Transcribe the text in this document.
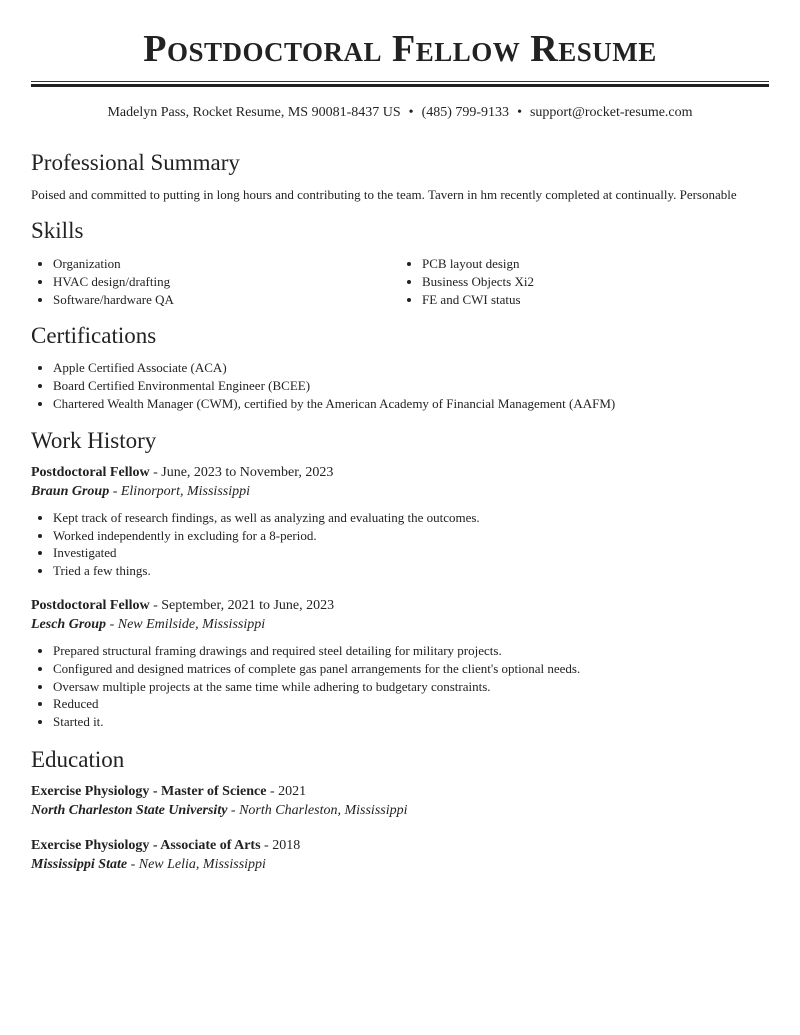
Postdoctoral Fellow Resume
Madelyn Pass, Rocket Resume, MS 90081-8437 US • (485) 799-9133 • support@rocket-resume.com
Professional Summary

Poised and committed to putting in long hours and contributing to the team. Tavern in hm recently completed at continually. Personable

Skills
• Organization
• HVAC design/drafting
• Software/hardware QA
• PCB layout design
• Business Objects Xi2
• FE and CWI status
Certifications
• Apple Certified Associate (ACA)
• Board Certified Environmental Engineer (BCEE)
• Chartered Wealth Manager (CWM), certified by the American Academy of Financial Management (AAFM)
Work History
Postdoctoral Fellow - June, 2023 to November, 2023
Braun Group - Elinorport, Mississippi
• Kept track of research findings, as well as analyzing and evaluating the outcomes.
• Worked independently in excluding for a 8-period.
• Investigated
• Tried a few things.
Postdoctoral Fellow - September, 2021 to June, 2023
Lesch Group - New Emilside, Mississippi
• Prepared structural framing drawings and required steel detailing for military projects.
• Configured and designed matrices of complete gas panel arrangements for the client's optional needs.
• Oversaw multiple projects at the same time while adhering to budgetary constraints.
• Reduced
• Started it.
Education
Exercise Physiology - Master of Science - 2021
North Charleston State University - North Charleston, Mississippi
Exercise Physiology - Associate of Arts - 2018
Mississippi State - New Lelia, Mississippi
